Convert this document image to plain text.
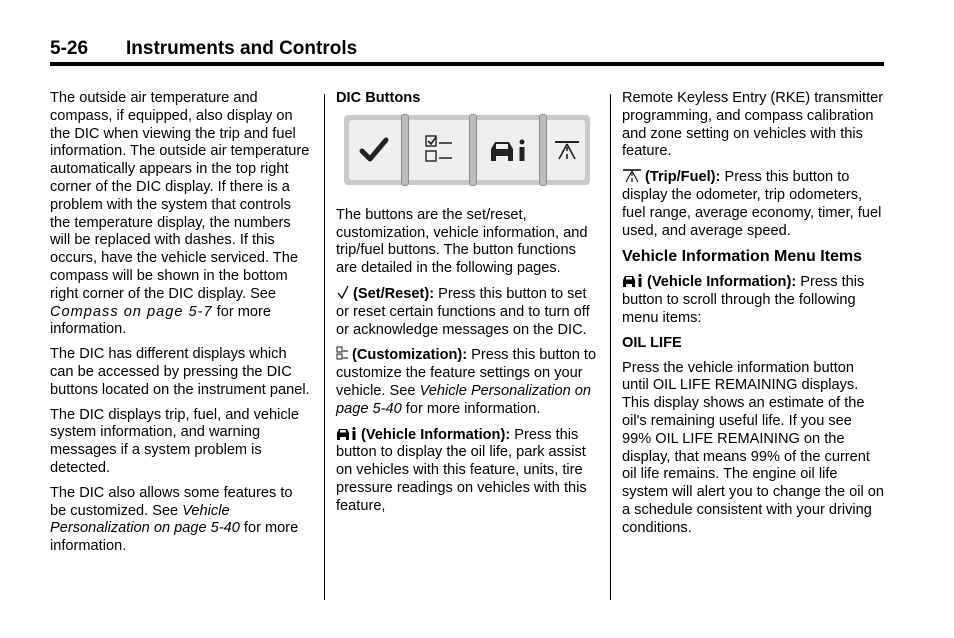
5-26 Instruments and Controls

The outside air temperature and compass, if equipped, also display on the DIC when viewing the trip and fuel information. The outside air temperature automatically appears in the top right corner of the DIC display. If there is a problem with the system that controls the temperature display, the numbers will be replaced with dashes. If this occurs, have the vehicle serviced. The compass will be shown in the bottom right corner of the DIC display. See Compass on page 5-7 for more information.

The DIC has different displays which can be accessed by pressing the DIC buttons located on the instrument panel.

The DIC displays trip, fuel, and vehicle system information, and warning messages if a system problem is detected.

The DIC also allows some features to be customized. See Vehicle Personalization on page 5-40 for more information.

DIC Buttons

The buttons are the set/reset, customization, vehicle information, and trip/fuel buttons. The button functions are detailed in the following pages.

(Set/Reset): Press this button to set or reset certain functions and to turn off or acknowledge messages on the DIC.

(Customization): Press this button to customize the feature settings on your vehicle. See Vehicle Personalization on page 5-40 for more information.

(Vehicle Information): Press this button to display the oil life, park assist on vehicles with this feature, units, tire pressure readings on vehicles with this feature,

Remote Keyless Entry (RKE) transmitter programming, and compass calibration and zone setting on vehicles with this feature.

(Trip/Fuel): Press this button to display the odometer, trip odometers, fuel range, average economy, timer, fuel used, and average speed.

Vehicle Information Menu Items

(Vehicle Information): Press this button to scroll through the following menu items:

OIL LIFE

Press the vehicle information button until OIL LIFE REMAINING displays. This display shows an estimate of the oil's remaining useful life. If you see 99% OIL LIFE REMAINING on the display, that means 99% of the current oil life remains. The engine oil life system will alert you to change the oil on a schedule consistent with your driving conditions.
